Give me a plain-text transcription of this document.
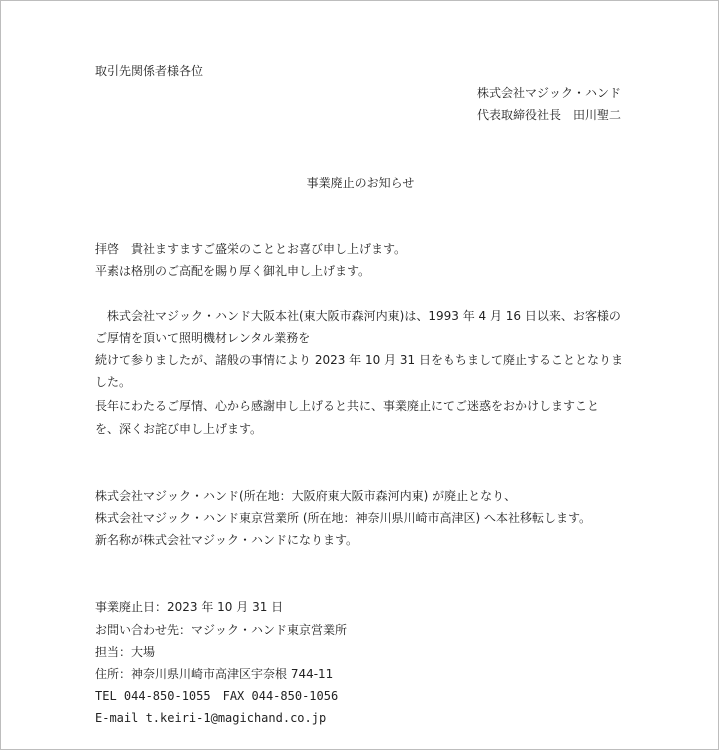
取引先関係者様各位
株式会社マジック・ハンド
代表取締役社長　田川聖二
事業廃止のお知らせ
拝啓　貴社ますますご盛栄のこととお喜び申し上げます。
平素は格別のご高配を賜り厚く御礼申し上げます。
　株式会社マジック・ハンド大阪本社(東大阪市森河内東)は、1993 年 4 月 16 日以来、お客様の
ご厚情を頂いて照明機材レンタル業務を
続けて参りましたが、諸般の事情により 2023 年 10 月 31 日をもちまして廃止することとなりま
した。
長年にわたるご厚情、心から感謝申し上げると共に、事業廃止にてご迷惑をおかけしますこと
を、深くお詫び申し上げます。
株式会社マジック・ハンド(所在地：大阪府東大阪市森河内東) が廃止となり、
株式会社マジック・ハンド東京営業所 (所在地：神奈川県川崎市高津区) へ本社移転します。
新名称が株式会社マジック・ハンドになります。
事業廃止日：2023 年 10 月 31 日
お問い合わせ先：マジック・ハンド東京営業所
担当：大場
住所：神奈川県川崎市高津区宇奈根 744-11
TEL 044-850-1055　FAX 044-850-1056
E-mail t.keiri-1@magichand.co.jp
